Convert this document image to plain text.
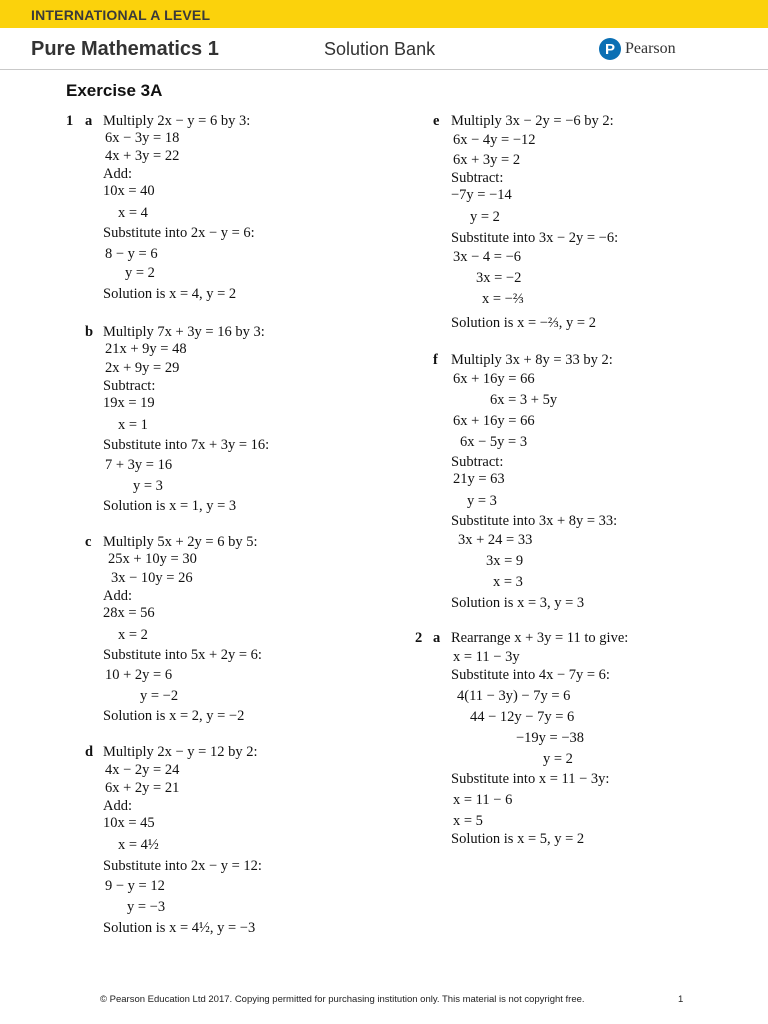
INTERNATIONAL A LEVEL
Pure Mathematics 1	Solution Bank	P Pearson
Exercise 3A
1 a Multiply 2x − y = 6 by 3:
6x − 3y = 18
4x + 3y = 22
Add:
10x = 40
x = 4
Substitute into 2x − y = 6:
8 − y = 6
y = 2
Solution is x = 4, y = 2
b Multiply 7x + 3y = 16 by 3:
21x + 9y = 48
2x + 9y = 29
Subtract:
19x = 19
x = 1
Substitute into 7x + 3y = 16:
7 + 3y = 16
y = 3
Solution is x = 1, y = 3
c Multiply 5x + 2y = 6 by 5:
25x + 10y = 30
3x − 10y = 26
Add:
28x = 56
x = 2
Substitute into 5x + 2y = 6:
10 + 2y = 6
y = −2
Solution is x = 2, y = −2
d Multiply 2x − y = 12 by 2:
4x − 2y = 24
6x + 2y = 21
Add:
10x = 45
x = 4½
Substitute into 2x − y = 12:
9 − y = 12
y = −3
Solution is x = 4½, y = −3
e Multiply 3x − 2y = −6 by 2:
6x − 4y = −12
6x + 3y = 2
Subtract:
−7y = −14
y = 2
Substitute into 3x − 2y = −6:
3x − 4 = −6
3x = −2
x = −⅔
Solution is x = −⅔, y = 2
f Multiply 3x + 8y = 33 by 2:
6x + 16y = 66
6x = 3 + 5y
6x + 16y = 66
6x − 5y = 3
Subtract:
21y = 63
y = 3
Substitute into 3x + 8y = 33:
3x + 24 = 33
3x = 9
x = 3
Solution is x = 3, y = 3
2 a Rearrange x + 3y = 11 to give:
x = 11 − 3y
Substitute into 4x − 7y = 6:
4(11 − 3y) − 7y = 6
44 − 12y − 7y = 6
−19y = −38
y = 2
Substitute into x = 11 − 3y:
x = 11 − 6
x = 5
Solution is x = 5, y = 2
© Pearson Education Ltd 2017. Copying permitted for purchasing institution only. This material is not copyright free.	1
